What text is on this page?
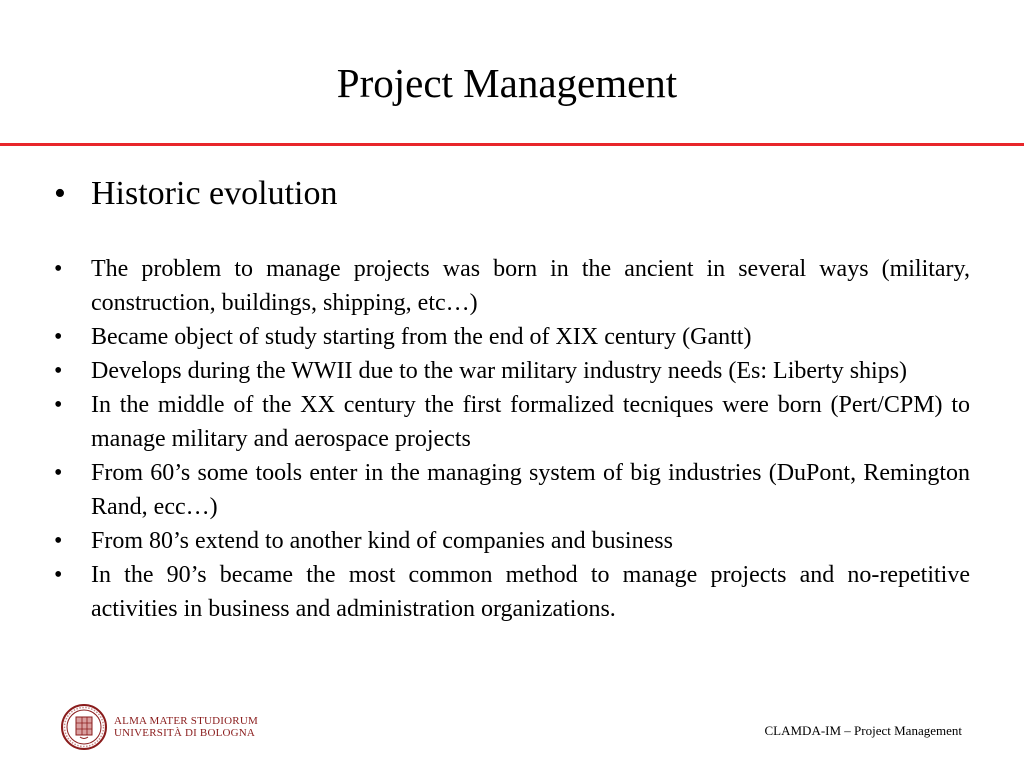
Project Management
• Historic evolution
•	The problem to manage projects was born in the ancient in several ways (military, construction, buildings, shipping, etc…)
•	Became object of study starting from the end of XIX century (Gantt)
•	Develops during the WWII due to the war military industry needs (Es: Liberty ships)
•	In the middle of the XX century the first formalized tecniques were born (Pert/CPM) to manage military and aerospace projects
•	From 60’s some tools enter in the managing system of big industries (DuPont, Remington Rand, ecc…)
•	From 80’s extend to another kind of companies and business
•	In the 90’s became the most common method to manage projects and no-repetitive activities in business and administration organizations.
ALMA MATER STUDIORUM
UNIVERSITÀ DI BOLOGNA	CLAMDA-IM – Project Management
